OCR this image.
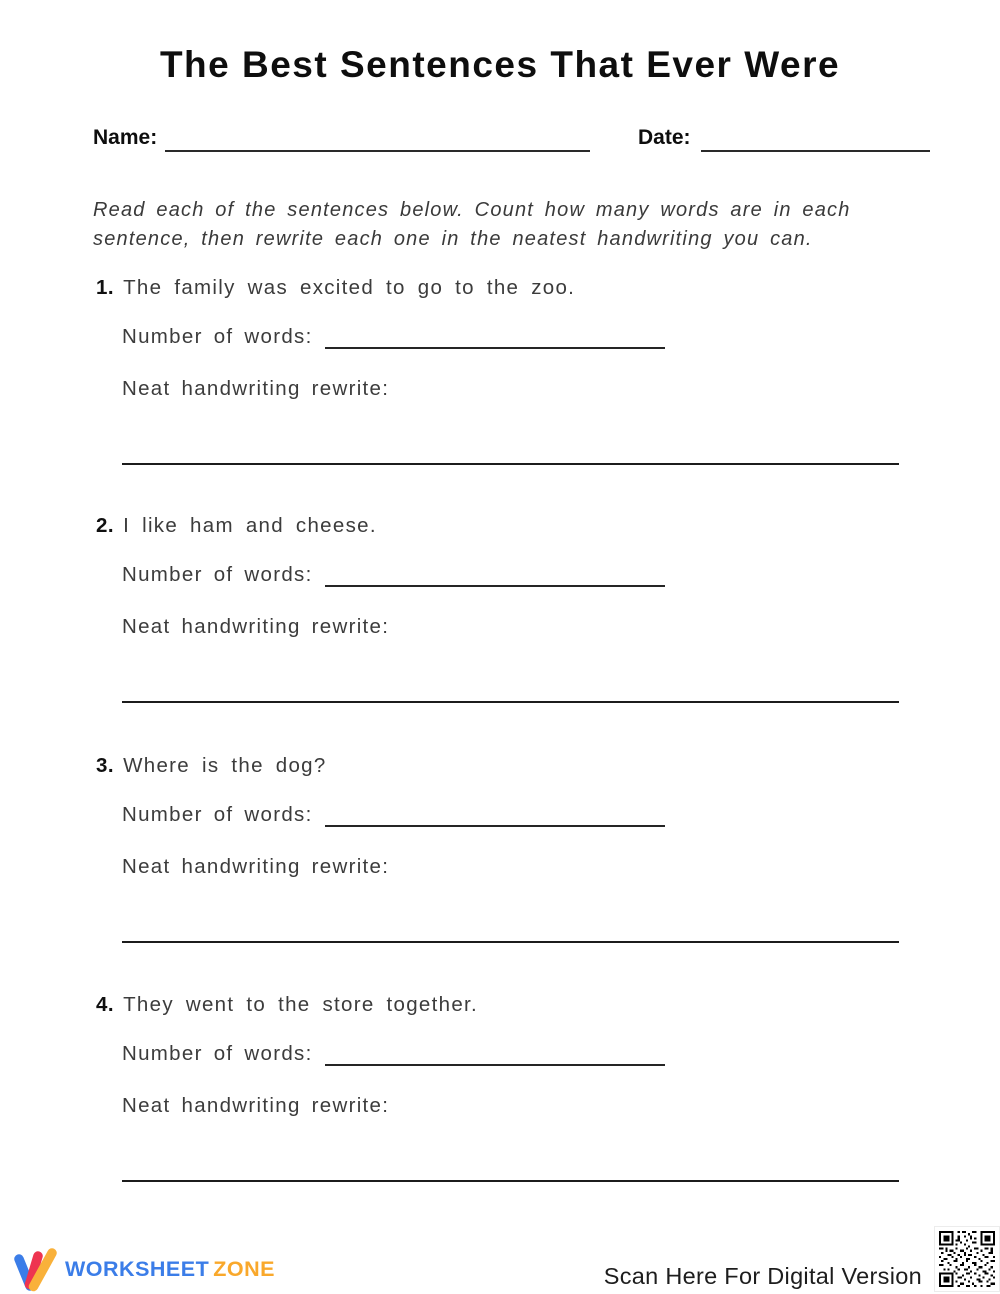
The Best Sentences That Ever Were
Name:	Date:
Read each of the sentences below. Count how many words are in each
sentence, then rewrite each one in the neatest handwriting you can.
1. The family was excited to go to the zoo.
Number of words:
Neat handwriting rewrite:
2. I like ham and cheese.
Number of words:
Neat handwriting rewrite:
3. Where is the dog?
Number of words:
Neat handwriting rewrite:
4. They went to the store together.
Number of words:
Neat handwriting rewrite:
WORKSHEET ZONE	Scan Here For Digital Version
